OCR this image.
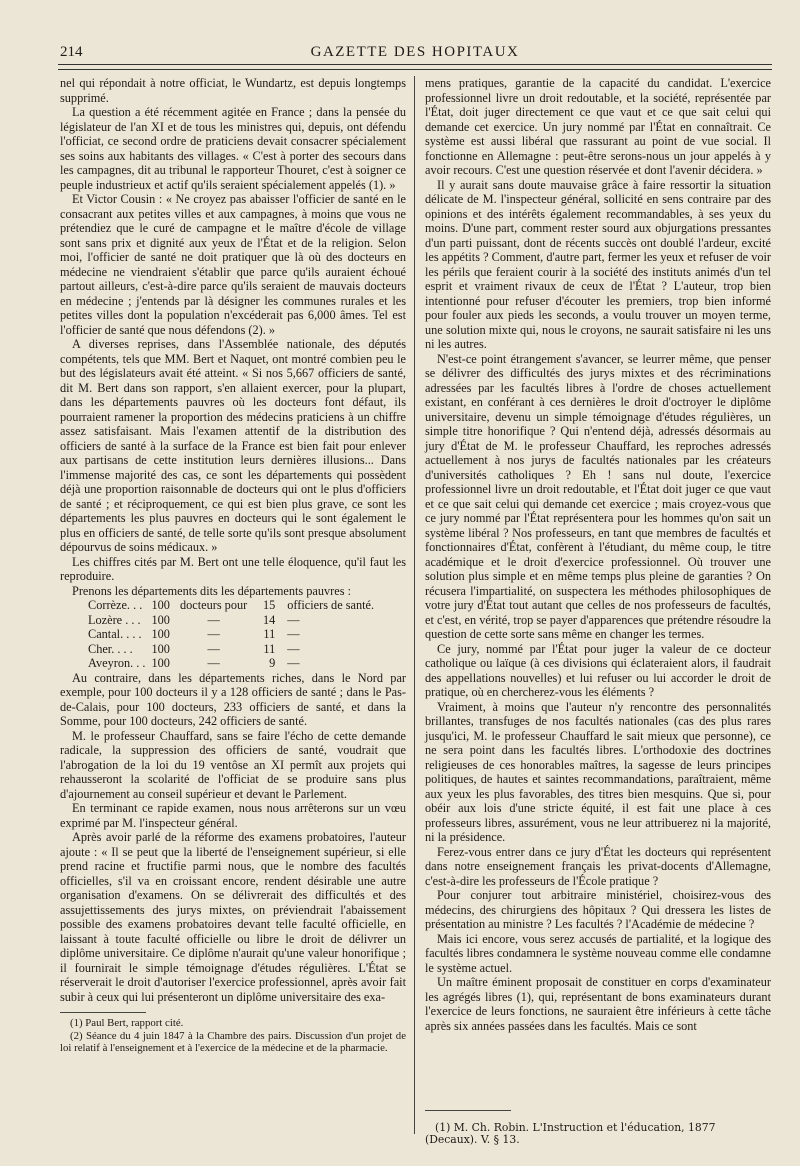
214	GAZETTE DES HOPITAUX

nel qui répondait à notre officiat, le Wundartz, est depuis longtemps supprimé.

La question a été récemment agitée en France ; dans la pensée du législateur de l'an XI et de tous les ministres qui, depuis, ont défendu l'officiat, ce second ordre de praticiens devait consacrer spécialement ses soins aux habitants des villages. « C'est à porter des secours dans les campagnes, dit au tribunal le rapporteur Thouret, c'est à soigner ce peuple industrieux et actif qu'ils seraient spécialement appelés (1). »

Et Victor Cousin : « Ne croyez pas abaisser l'officier de santé en le consacrant aux petites villes et aux campagnes, à moins que vous ne prétendiez que le curé de campagne et le maître d'école de village sont sans prix et dignité aux yeux de l'État et de la religion. Selon moi, l'officier de santé ne doit pratiquer que là où des docteurs en médecine ne viendraient s'établir que parce qu'ils auraient échoué partout ailleurs, c'est-à-dire parce qu'ils seraient de mauvais docteurs en médecine ; j'entends par là désigner les communes rurales et les petites villes dont la population n'excéderait pas 6,000 âmes. Tel est l'officier de santé que nous défendons (2). »

A diverses reprises, dans l'Assemblée nationale, des députés compétents, tels que MM. Bert et Naquet, ont montré combien peu le but des législateurs avait été atteint. « Si nos 5,667 officiers de santé, dit M. Bert dans son rapport, s'en allaient exercer, pour la plupart, dans les départements pauvres où les docteurs font défaut, ils pourraient ramener la proportion des médecins praticiens à un chiffre assez satisfaisant. Mais l'examen attentif de la distribution des officiers de santé à la surface de la France est bien fait pour enlever aux partisans de cette institution leurs dernières illusions... Dans l'immense majorité des cas, ce sont les départements qui possèdent déjà une proportion raisonnable de docteurs qui ont le plus d'officiers de santé ; et réciproquement, ce qui est bien plus grave, ce sont les départements les plus pauvres en docteurs qui le sont également le plus en officiers de santé, de telle sorte qu'ils sont presque absolument dépourvus de soins médicaux. »

Les chiffres cités par M. Bert ont une telle éloquence, qu'il faut les reproduire.

Prenons les départements dits les départements pauvres :

Corrèze. . .	100	docteurs pour	15	officiers de santé.
Lozère . . .	100	—	14	—
Cantal. . . .	100	—	11	—
Cher. . . .	100	—	11	—
Aveyron. . .	100	—	9	—

Au contraire, dans les départements riches, dans le Nord par exemple, pour 100 docteurs il y a 128 officiers de santé ; dans le Pas-de-Calais, pour 100 docteurs, 233 officiers de santé, et dans la Somme, pour 100 docteurs, 242 officiers de santé.

M. le professeur Chauffard, sans se faire l'écho de cette demande radicale, la suppression des officiers de santé, voudrait que l'abrogation de la loi du 19 ventôse an XI permît aux projets qui rehausseront la scolarité de l'officiat de se produire sans plus d'ajournement au conseil supérieur et devant le Parlement.

En terminant ce rapide examen, nous nous arrêterons sur un vœu exprimé par M. l'inspecteur général.

Après avoir parlé de la réforme des examens probatoires, l'auteur ajoute : « Il se peut que la liberté de l'enseignement supérieur, si elle prend racine et fructifie parmi nous, que le nombre des facultés officielles, s'il va en croissant encore, rendent désirable une autre organisation d'examens. On se délivrerait des difficultés et des assujettissements des jurys mixtes, on préviendrait l'abaissement possible des examens probatoires devant telle faculté officielle, en laissant à toute faculté officielle ou libre le droit de délivrer un diplôme universitaire. Ce diplôme n'aurait qu'une valeur honorifique ; il fournirait le simple témoignage d'études régulières. L'État se réserverait le droit d'autoriser l'exercice professionnel, après avoir fait subir à ceux qui lui présenteront un diplôme universitaire des exa-

(1) Paul Bert, rapport cité.

(2) Séance du 4 juin 1847 à la Chambre des pairs. Discussion d'un projet de loi relatif à l'enseignement et à l'exercice de la médecine et de la pharmacie.

mens pratiques, garantie de la capacité du candidat. L'exercice professionnel livre un droit redoutable, et la société, représentée par l'État, doit juger directement ce que vaut et ce que sait celui qui demande cet exercice. Un jury nommé par l'État en connaîtrait. Ce système est aussi libéral que rassurant au point de vue social. Il fonctionne en Allemagne : peut-être serons-nous un jour appelés à y avoir recours. C'est une question réservée et dont l'avenir décidera. »

Il y aurait sans doute mauvaise grâce à faire ressortir la situation délicate de M. l'inspecteur général, sollicité en sens contraire par des opinions et des intérêts également recommandables, à ses yeux du moins. D'une part, comment rester sourd aux objurgations pressantes d'un parti puissant, dont de récents succès ont doublé l'ardeur, excité les appétits ? Comment, d'autre part, fermer les yeux et refuser de voir les périls que feraient courir à la société des instituts animés d'un tel esprit et vraiment rivaux de ceux de l'État ? L'auteur, trop bien intentionné pour refuser d'écouter les premiers, trop bien informé pour fouler aux pieds les seconds, a voulu trouver un moyen terme, une solution mixte qui, nous le croyons, ne saurait satisfaire ni les uns ni les autres.

N'est-ce point étrangement s'avancer, se leurrer même, que penser se délivrer des difficultés des jurys mixtes et des récriminations adressées par les facultés libres à l'ordre de choses actuellement existant, en conférant à ces dernières le droit d'octroyer le diplôme universitaire, devenu un simple témoignage d'études régulières, un simple titre honorifique ? Qui n'entend déjà, adressés désormais au jury d'État de M. le professeur Chauffard, les reproches adressés actuellement à nos jurys de facultés nationales par les créateurs d'universités catholiques ? Eh ! sans nul doute, l'exercice professionnel livre un droit redoutable, et l'État doit juger ce que vaut et ce que sait celui qui demande cet exercice ; mais croyez-vous que ce jury nommé par l'État représentera pour les hommes qu'on sait un système libéral ? Nos professeurs, en tant que membres de facultés et fonctionnaires d'État, confèrent à l'étudiant, du même coup, le titre académique et le droit d'exercice professionnel. Où trouver une solution plus simple et en même temps plus pleine de garanties ? On récusera l'impartialité, on suspectera les méthodes philosophiques de votre jury d'État tout autant que celles de nos professeurs de facultés, et c'est, en vérité, trop se payer d'apparences que prétendre résoudre la question de cette sorte sans même en changer les termes.

Ce jury, nommé par l'État pour juger la valeur de ce docteur catholique ou laïque (à ces divisions qui éclateraient alors, il faudrait des appellations nouvelles) et lui refuser ou lui accorder le droit de pratique, où en chercherez-vous les éléments ?

Vraiment, à moins que l'auteur n'y rencontre des personnalités brillantes, transfuges de nos facultés nationales (cas des plus rares jusqu'ici, M. le professeur Chauffard le sait mieux que personne), ce ne sera point dans les facultés libres. L'orthodoxie des doctrines religieuses de ces honorables maîtres, la sagesse de leurs principes politiques, de hautes et saintes recommandations, paraîtraient, même aux yeux les plus favorables, des titres bien mesquins. Que si, pour obéir aux lois d'une stricte équité, il est fait une place à ces professeurs libres, assurément, vous ne leur attribuerez ni la majorité, ni la présidence.

Ferez-vous entrer dans ce jury d'État les docteurs qui représentent dans notre enseignement français les privat-docents d'Allemagne, c'est-à-dire les professeurs de l'École pratique ?

Pour conjurer tout arbitraire ministériel, choisirez-vous des médecins, des chirurgiens des hôpitaux ? Qui dressera les listes de présentation au ministre ? Les facultés ? l'Académie de médecine ?

Mais ici encore, vous serez accusés de partialité, et la logique des facultés libres condamnera le système nouveau comme elle condamne le système actuel.

Un maître éminent proposait de constituer en corps d'examinateur les agrégés libres (1), qui, représentant de bons examinateurs durant l'exercice de leurs fonctions, ne sauraient être inférieurs à cette tâche après six années passées dans les facultés. Mais ce sont

(1) M. Ch. Robin. L'Instruction et l'éducation, 1877 (Decaux). V. § 13.
